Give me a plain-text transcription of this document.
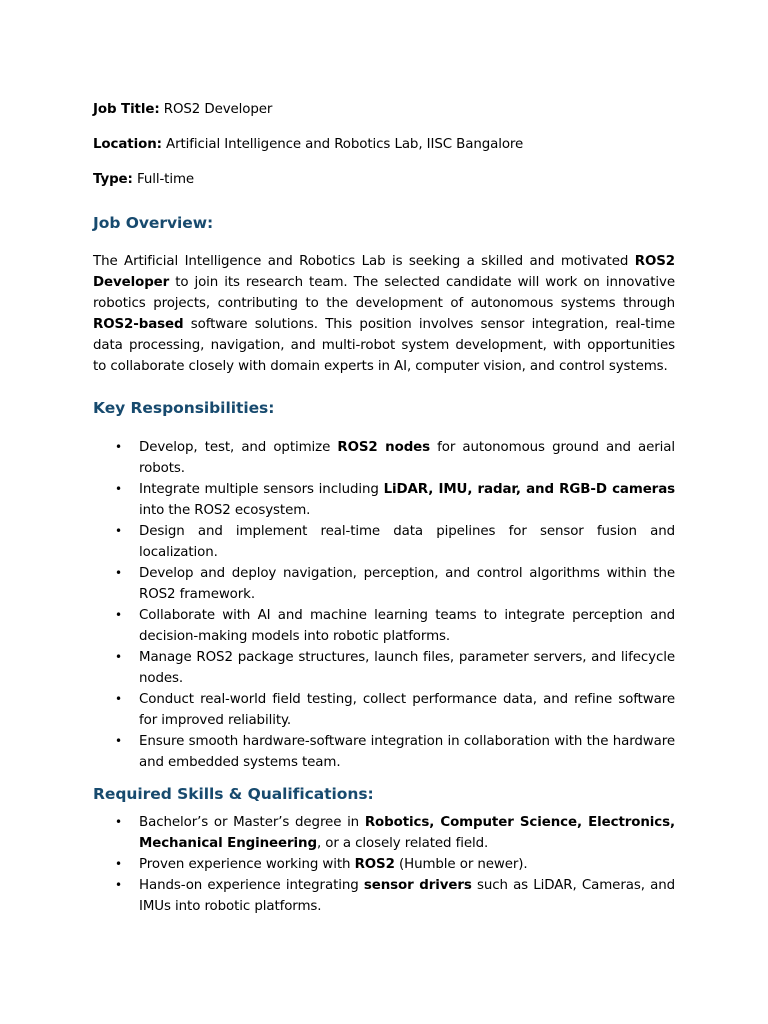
Job Title: ROS2 Developer
Location: Artificial Intelligence and Robotics Lab, IISC Bangalore
Type: Full-time
Job Overview:

The Artificial Intelligence and Robotics Lab is seeking a skilled and motivated ROS2 Developer to join its research team. The selected candidate will work on innovative robotics projects, contributing to the development of autonomous systems through ROS2-based software solutions. This position involves sensor integration, real-time data processing, navigation, and multi-robot system development, with opportunities to collaborate closely with domain experts in AI, computer vision, and control systems.

Key Responsibilities:
• Develop, test, and optimize ROS2 nodes for autonomous ground and aerial robots.
• Integrate multiple sensors including LiDAR, IMU, radar, and RGB-D cameras into the ROS2 ecosystem.
• Design and implement real-time data pipelines for sensor fusion and localization.
• Develop and deploy navigation, perception, and control algorithms within the ROS2 framework.
• Collaborate with AI and machine learning teams to integrate perception and decision-making models into robotic platforms.
• Manage ROS2 package structures, launch files, parameter servers, and lifecycle nodes.
• Conduct real-world field testing, collect performance data, and refine software for improved reliability.
• Ensure smooth hardware-software integration in collaboration with the hardware and embedded systems team.
Required Skills & Qualifications:
• Bachelor’s or Master’s degree in Robotics, Computer Science, Electronics, Mechanical Engineering, or a closely related field.
• Proven experience working with ROS2 (Humble or newer).
• Hands-on experience integrating sensor drivers such as LiDAR, Cameras, and IMUs into robotic platforms.
